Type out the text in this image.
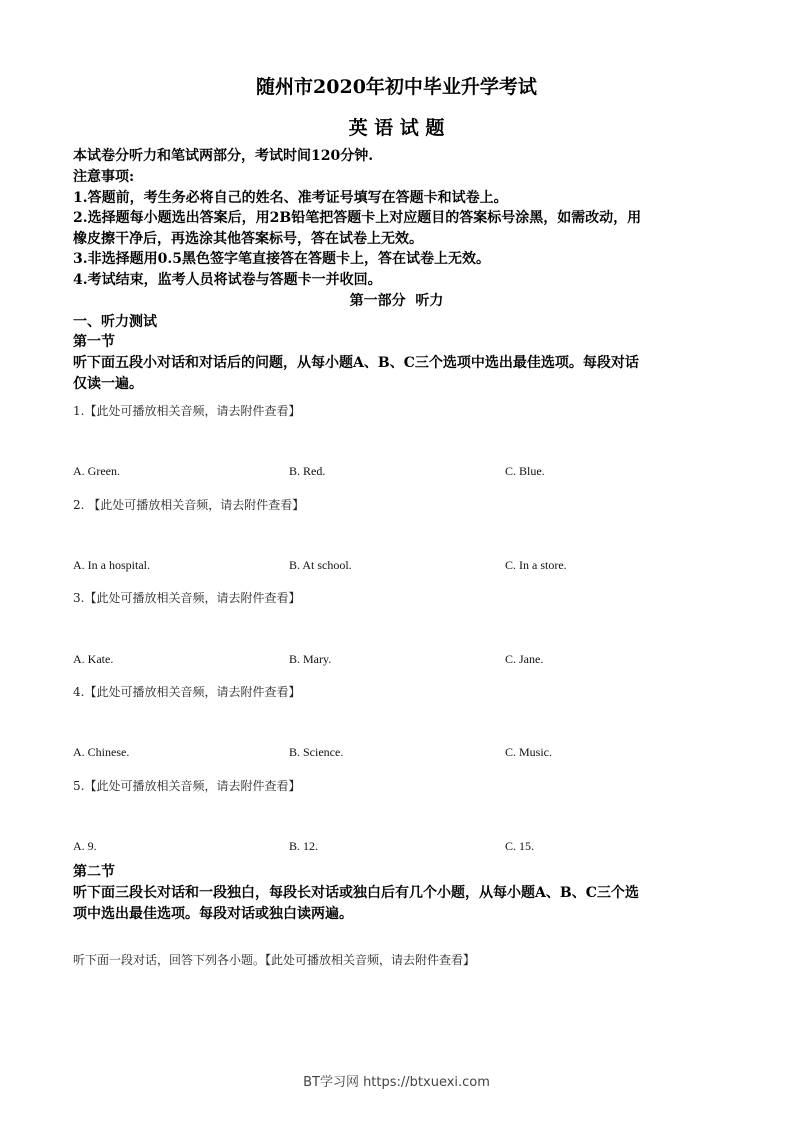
随州市2020年初中毕业升学考试
英 语 试 题
本试卷分听力和笔试两部分，考试时间120分钟.
注意事项:
1.答题前，考生务必将自己的姓名、准考证号填写在答题卡和试卷上。
2.选择题每小题选出答案后，用2B铅笔把答题卡上对应题目的答案标号涂黑，如需改动，用
橡皮擦干净后，再选涂其他答案标号，答在试卷上无效。
3.非选择题用0.5黑色签字笔直接答在答题卡上，答在试卷上无效。
4.考试结束，监考人员将试卷与答题卡一并收回。
第一部分  听力
一、听力测试
第一节
听下面五段小对话和对话后的问题，从每小题A、B、C三个选项中选出最佳选项。每段对话
仅读一遍。
1.【此处可播放相关音频，请去附件查看】
A. Green.	B. Red.	C. Blue.
2. 【此处可播放相关音频，请去附件查看】
A. In a hospital.	B. At school.	C. In a store.
3.【此处可播放相关音频，请去附件查看】
A. Kate.	B. Mary.	C. Jane.
4.【此处可播放相关音频，请去附件查看】
A. Chinese.	B. Science.	C. Music.
5.【此处可播放相关音频，请去附件查看】
A. 9.	B. 12.	C. 15.
第二节
听下面三段长对话和一段独白，每段长对话或独白后有几个小题，从每小题A、B、C三个选
项中选出最佳选项。每段对话或独白读两遍。
听下面一段对话，回答下列各小题。【此处可播放相关音频，请去附件查看】
BT学习网 https://btxuexi.com
